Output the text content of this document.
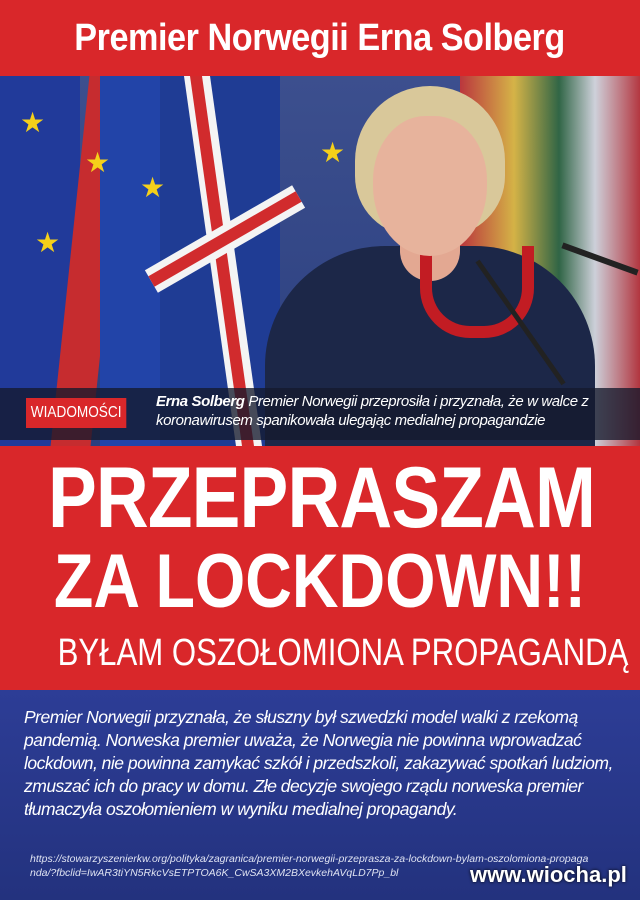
Premier Norwegii Erna Solberg
★
★
★
★
★
WIADOMOŚCI
Erna Solberg Premier Norwegii przeprosiła i przyznała, że w walce z koronawirusem spanikowała ulegając medialnej propagandzie
PRZEPRASZAM
ZA LOCKDOWN!!
BYŁAM OSZOŁOMIONA PROPAGANDĄ
Premier Norwegii przyznała, że słuszny był szwedzki model walki z rzekomą pandemią. Norweska premier uważa, że Norwegia nie powinna wprowadzać lockdown, nie powinna zamykać szkół i przedszkoli, zakazywać spotkań ludziom, zmuszać ich do pracy w domu. Złe decyzje swojego rządu norweska premier tłumaczyła oszołomieniem w wyniku medialnej propagandy.
https://stowarzyszenierkw.org/polityka/zagranica/premier-norwegii-przeprasza-za-lockdown-bylam-oszolomiona-propaganda/?fbclid=IwAR3tiYN5RkcVsETPTOA6K_CwSA3XM2BXevkehAVqLD7Pp_bl	www.wiocha.pl
